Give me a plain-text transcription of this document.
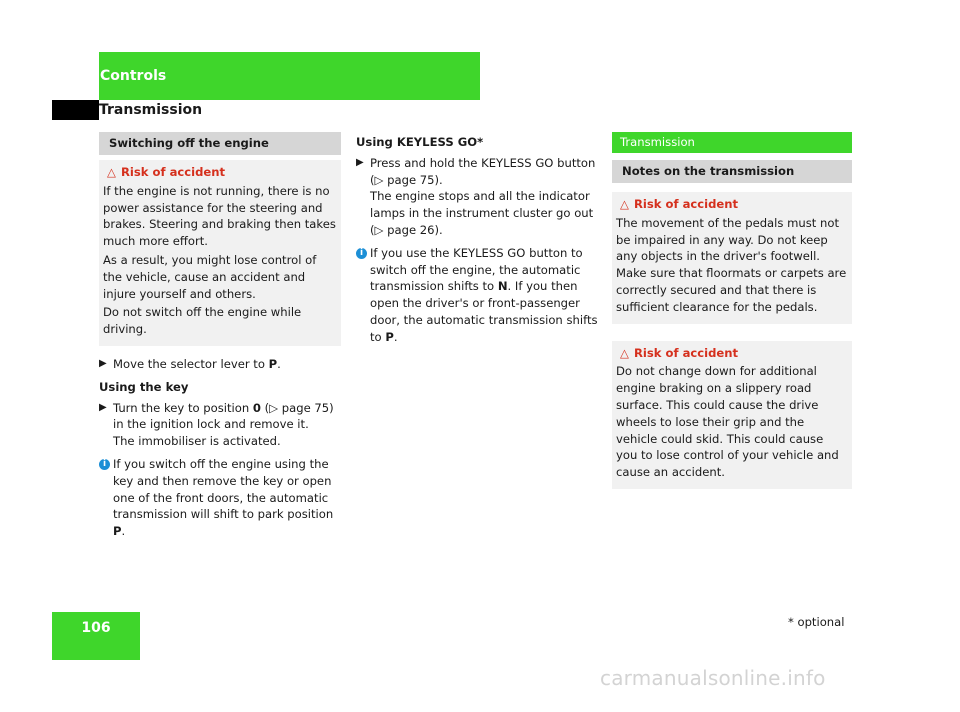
Controls
Transmission
Switching off the engine
△ Risk of accident

If the engine is not running, there is no power assistance for the steering and brakes. Steering and braking then takes much more effort.

As a result, you might lose control of the vehicle, cause an accident and injure yourself and others.

Do not switch off the engine while driving.

▶ Move the selector lever to P.

Using the key

▶ Turn the key to position 0 (▷ page 75) in the ignition lock and remove it.
The immobiliser is activated.

i If you switch off the engine using the key and then remove the key or open one of the front doors, the automatic transmission will shift to park position P.

Using KEYLESS GO*

▶ Press and hold the KEYLESS GO button (▷ page 75).
The engine stops and all the indicator lamps in the instrument cluster go out (▷ page 26).

i If you use the KEYLESS GO button to switch off the engine, the automatic transmission shifts to N. If you then open the driver's or front-passenger door, the automatic transmission shifts to P.

Transmission
Notes on the transmission
△ Risk of accident

The movement of the pedals must not be impaired in any way. Do not keep any objects in the driver's footwell. Make sure that floormats or carpets are correctly secured and that there is sufficient clearance for the pedals.

△ Risk of accident

Do not change down for additional engine braking on a slippery road surface. This could cause the drive wheels to lose their grip and the vehicle could skid. This could cause you to lose control of your vehicle and cause an accident.

106	* optional
carmanualsonline.info
